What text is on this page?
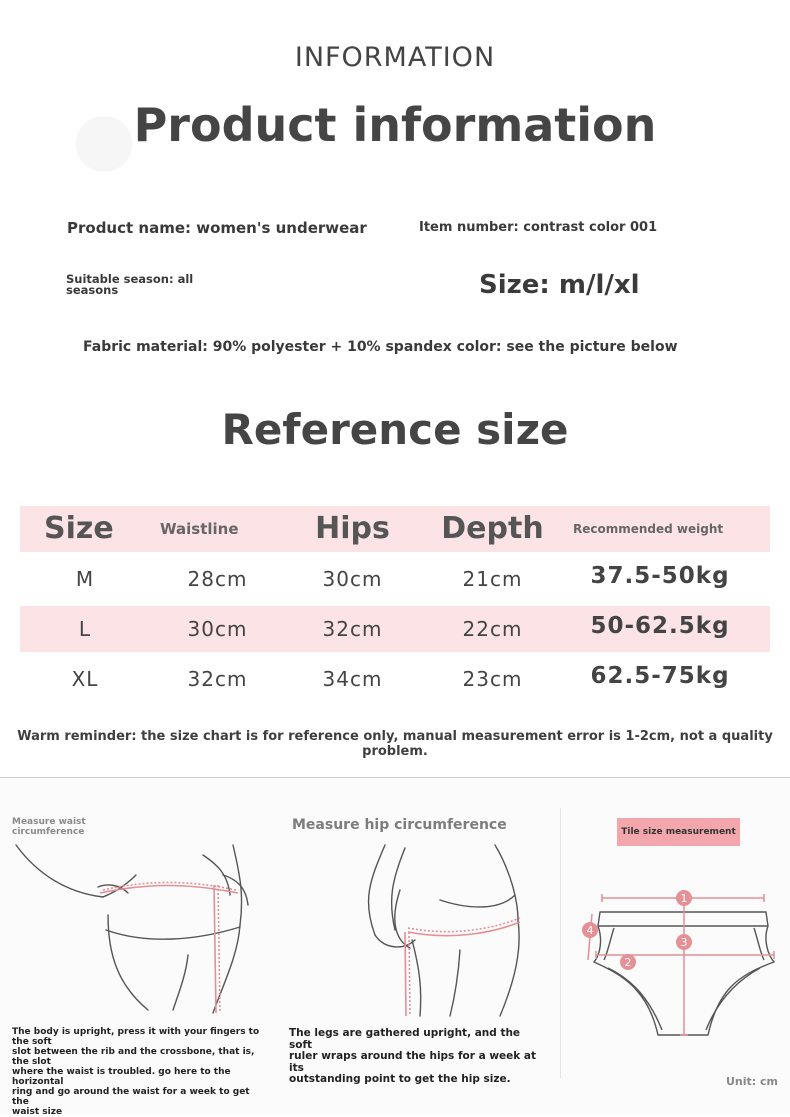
INFORMATION
Product information
Product name: women's underwear	Item number: contrast color 001
Suitable season: all
seasons	Size: m/l/xl
Fabric material: 90% polyester + 10% spandex color: see the picture below
Reference size
Size	Waistline	Hips	Depth	Recommended weight
M	28cm	30cm	21cm	37.5-50kg
L	30cm	32cm	22cm	50-62.5kg
XL	32cm	34cm	23cm	62.5-75kg
Warm reminder: the size chart is for reference only, manual measurement error is 1-2cm, not a quality problem.
Measure waist
circumference
The body is upright, press it with your fingers to the soft
slot between the rib and the crossbone, that is, the slot
where the waist is troubled. go here to the horizontal
ring and go around the waist for a week to get the
waist size
Measure hip circumference
The legs are gathered upright, and the soft
ruler wraps around the hips for a week at its
outstanding point to get the hip size.
Tile size measurement
1
2
3
4
Unit: cm
